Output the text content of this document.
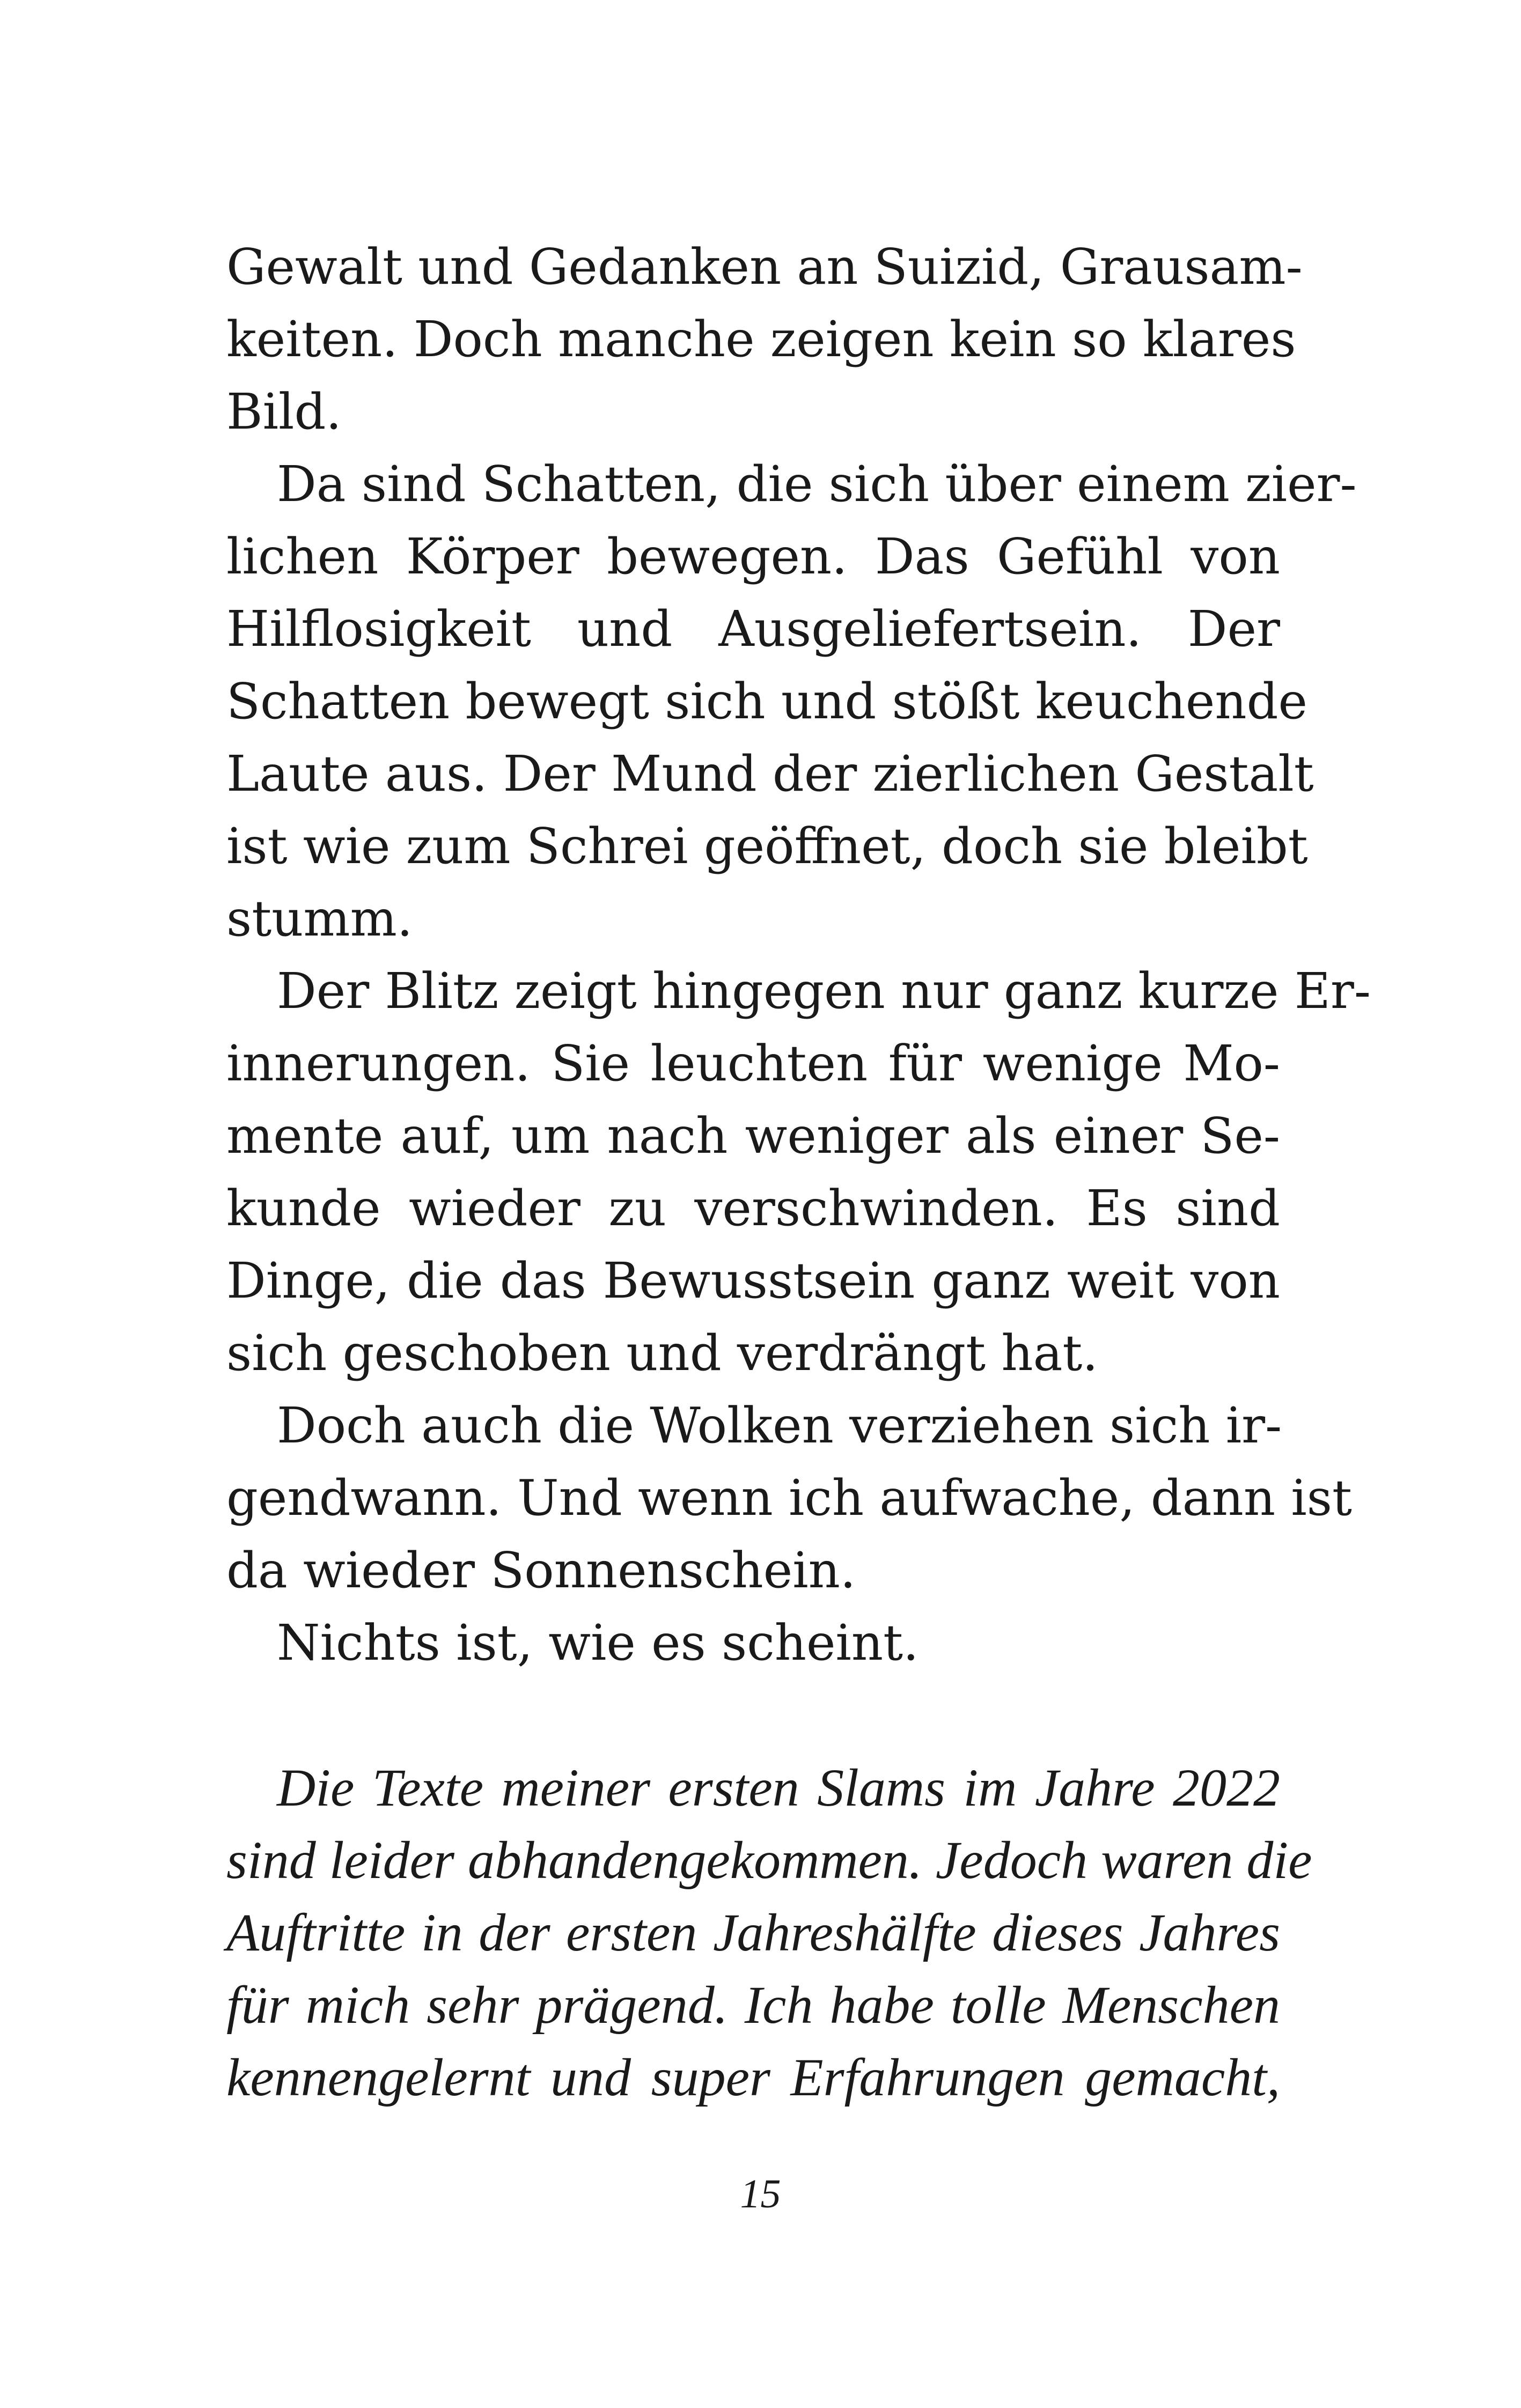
Gewalt und Gedanken an Suizid, Grausam-
keiten. Doch manche zeigen kein so klares
Bild.
Da sind Schatten, die sich über einem zier-
lichen Körper bewegen. Das Gefühl von
Hilflosigkeit und Ausgeliefertsein. Der
Schatten bewegt sich und stößt keuchende
Laute aus. Der Mund der zierlichen Gestalt
ist wie zum Schrei geöffnet, doch sie bleibt
stumm.
Der Blitz zeigt hingegen nur ganz kurze Er-
innerungen. Sie leuchten für wenige Mo-
mente auf, um nach weniger als einer Se-
kunde wieder zu verschwinden. Es sind
Dinge, die das Bewusstsein ganz weit von
sich geschoben und verdrängt hat.
Doch auch die Wolken verziehen sich ir-
gendwann. Und wenn ich aufwache, dann ist
da wieder Sonnenschein.
Nichts ist, wie es scheint.
Die Texte meiner ersten Slams im Jahre 2022
sind leider abhandengekommen. Jedoch waren die
Auftritte in der ersten Jahreshälfte dieses Jahres
für mich sehr prägend. Ich habe tolle Menschen
kennengelernt und super Erfahrungen gemacht,
15
